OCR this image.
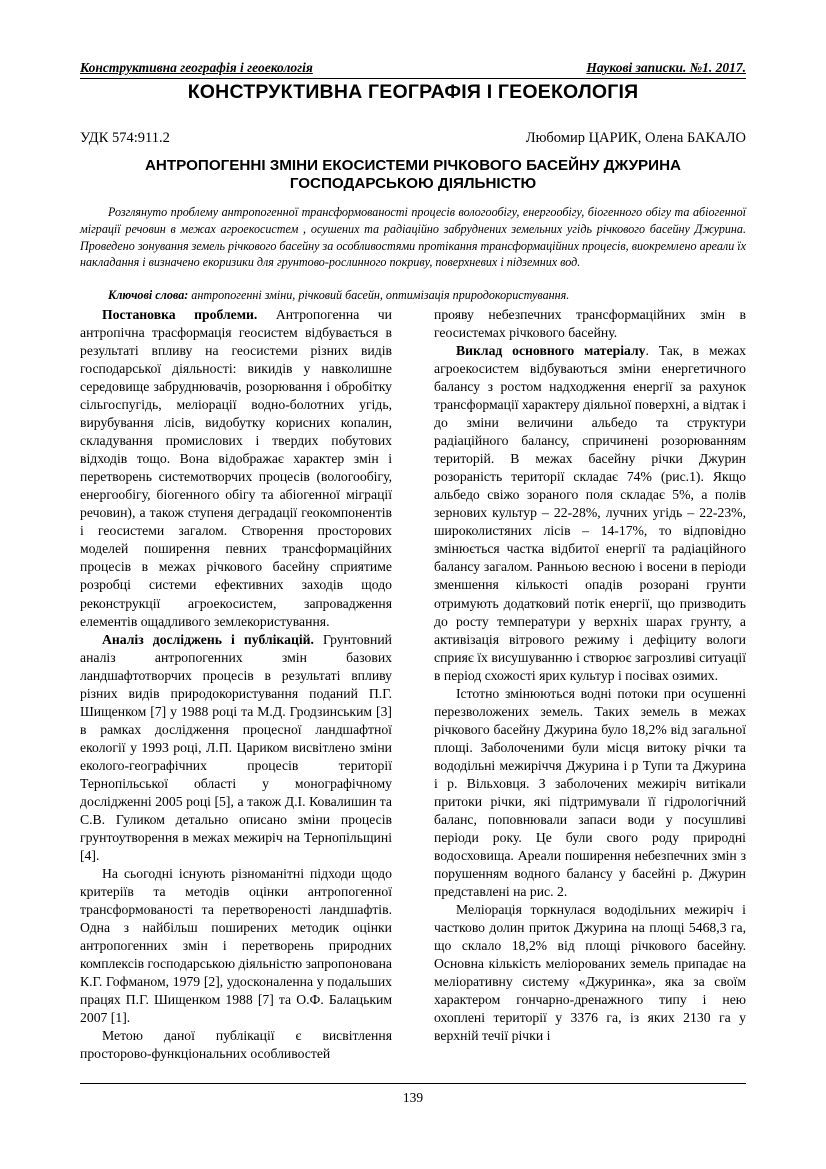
Конструктивна географія і геоекологія	Наукові записки. №1. 2017.
КОНСТРУКТИВНА ГЕОГРАФІЯ І ГЕОЕКОЛОГІЯ
УДК 574:911.2	Любомир ЦАРИК, Олена БАКАЛО
АНТРОПОГЕННІ ЗМІНИ ЕКОСИСТЕМИ РІЧКОВОГО БАСЕЙНУ ДЖУРИНА
ГОСПОДАРСЬКОЮ ДІЯЛЬНІСТЮ

Розглянуто проблему антропогенної трансформованості процесів вологообігу, енергообігу, біогенного обігу та абіогенної міграції речовин в межах агроекосистем , осушених та радіаційно забруднених земельних угідь річкового басейну Джурина. Проведено зонування земель річкового басейну за особливостями протікання трансформаційних процесів, виокремлено ареали їх накладання і визначено екоризики для грунтово-рослинного покриву, поверхневих і підземних вод.

Ключові слова: антропогенні зміни, річковий басейн, оптимізація природокористування.

Постановка проблеми. Антропогенна чи антропічна трасформація геосистем відбувається в результаті впливу на геосистеми різних видів господарської діяльності: викидів у навколишне середовище забруднювачів, розорювання і обробітку сільгоспугідь, меліорації водно-болотних угідь, вирубування лісів, видобутку корисних копалин, складування промислових і твердих побутових відходів тощо. Вона відображає характер змін і перетворень системотворчих процесів (вологообігу, енергообігу, біогенного обігу та абіогенної міграції речовин), а також ступеня деградації геокомпонентів і геосистеми загалом. Створення просторових моделей поширення певних трансформаційних процесів в межах річкового басейну сприятиме розробці системи ефективних заходів щодо реконструкції агроекосистем, запровадження елементів ощадливого землекористування.

Аналіз досліджень і публікацій. Грунтовний аналіз антропогенних змін базових ландшафтотворчих процесів в результаті впливу різних видів природокористування поданий П.Г. Шищенком [7] у 1988 році та М.Д. Гродзинським [3] в рамках дослідження процесної ландшафтної екології у 1993 році, Л.П. Цариком висвітлено зміни еколого-географічних процесів території Тернопільської області у монографічному дослідженні 2005 році [5], а також Д.І. Ковалишин та С.В. Гуликом детально описано зміни процесів грунтоутворення в межах межиріч на Тернопільщині [4].

На сьогодні існують різноманітні підходи щодо критеріїв та методів оцінки антропогенної трансформованості та перетвореності ландшафтів. Одна з найбільш поширених методик оцінки антропогенних змін і перетворень природних комплексів господарською діяльністю запропонована К.Г. Гофманом, 1979 [2], удосконаленна у подальших працях П.Г. Шищенком 1988 [7] та О.Ф. Балацьким 2007 [1].

Метою даної публікації є висвітлення просторово-функціональних особливостей

прояву небезпечних трансформаційних змін в геосистемах річкового басейну.

Виклад основного матеріалу. Так, в межах агроекосистем відбуваються зміни енергетичного балансу з ростом надходження енергії за рахунок трансформації характеру діяльної поверхні, а відтак і до зміни величини альбедо та структури радіаційного балансу, спричинені розорюванням територій. В межах басейну річки Джурин розораність території складає 74% (рис.1). Якщо альбедо свіжо зораного поля складає 5%, а полів зернових культур – 22-28%, лучних угідь – 22-23%, широколистяних лісів – 14-17%, то відповідно змінюється частка відбитої енергії та радіаційного балансу загалом. Ранньою весною і восени в періоди зменшення кількості опадів розорані грунти отримують додатковий потік енергії, що призводить до росту температури у верхніх шарах грунту, а активізація вітрового режиму і дефіциту вологи сприяє їх висушуванню і створює загрозливі ситуації в період схожості ярих культур і посівах озимих.

Істотно змінюються водні потоки при осушенні перезволожених земель. Таких земель в межах річкового басейну Джурина було 18,2% від загальної площі. Заболоченими були місця витоку річки та вододільні межиріччя Джурина і р Тупи та Джурина і р. Вільховця. З заболочених межиріч витікали притоки річки, які підтримували її гідрологічний баланс, поповнювали запаси води у посушливі періоди року. Це були свого роду природні водосховища. Ареали поширення небезпечних змін з порушенням водного балансу у басейні р. Джурин представлені на рис. 2.

Меліорація торкнулася вододільних межиріч і частково долин приток Джурина на площі 5468,3 га, що склало 18,2% від площі річкового басейну. Основна кількість меліорованих земель припадає на меліоративну систему «Джуринка», яка за своїм характером гончарно-дренажного типу і нею охоплені території у 3376 га, із яких 2130 га у верхній течії річки і

139
